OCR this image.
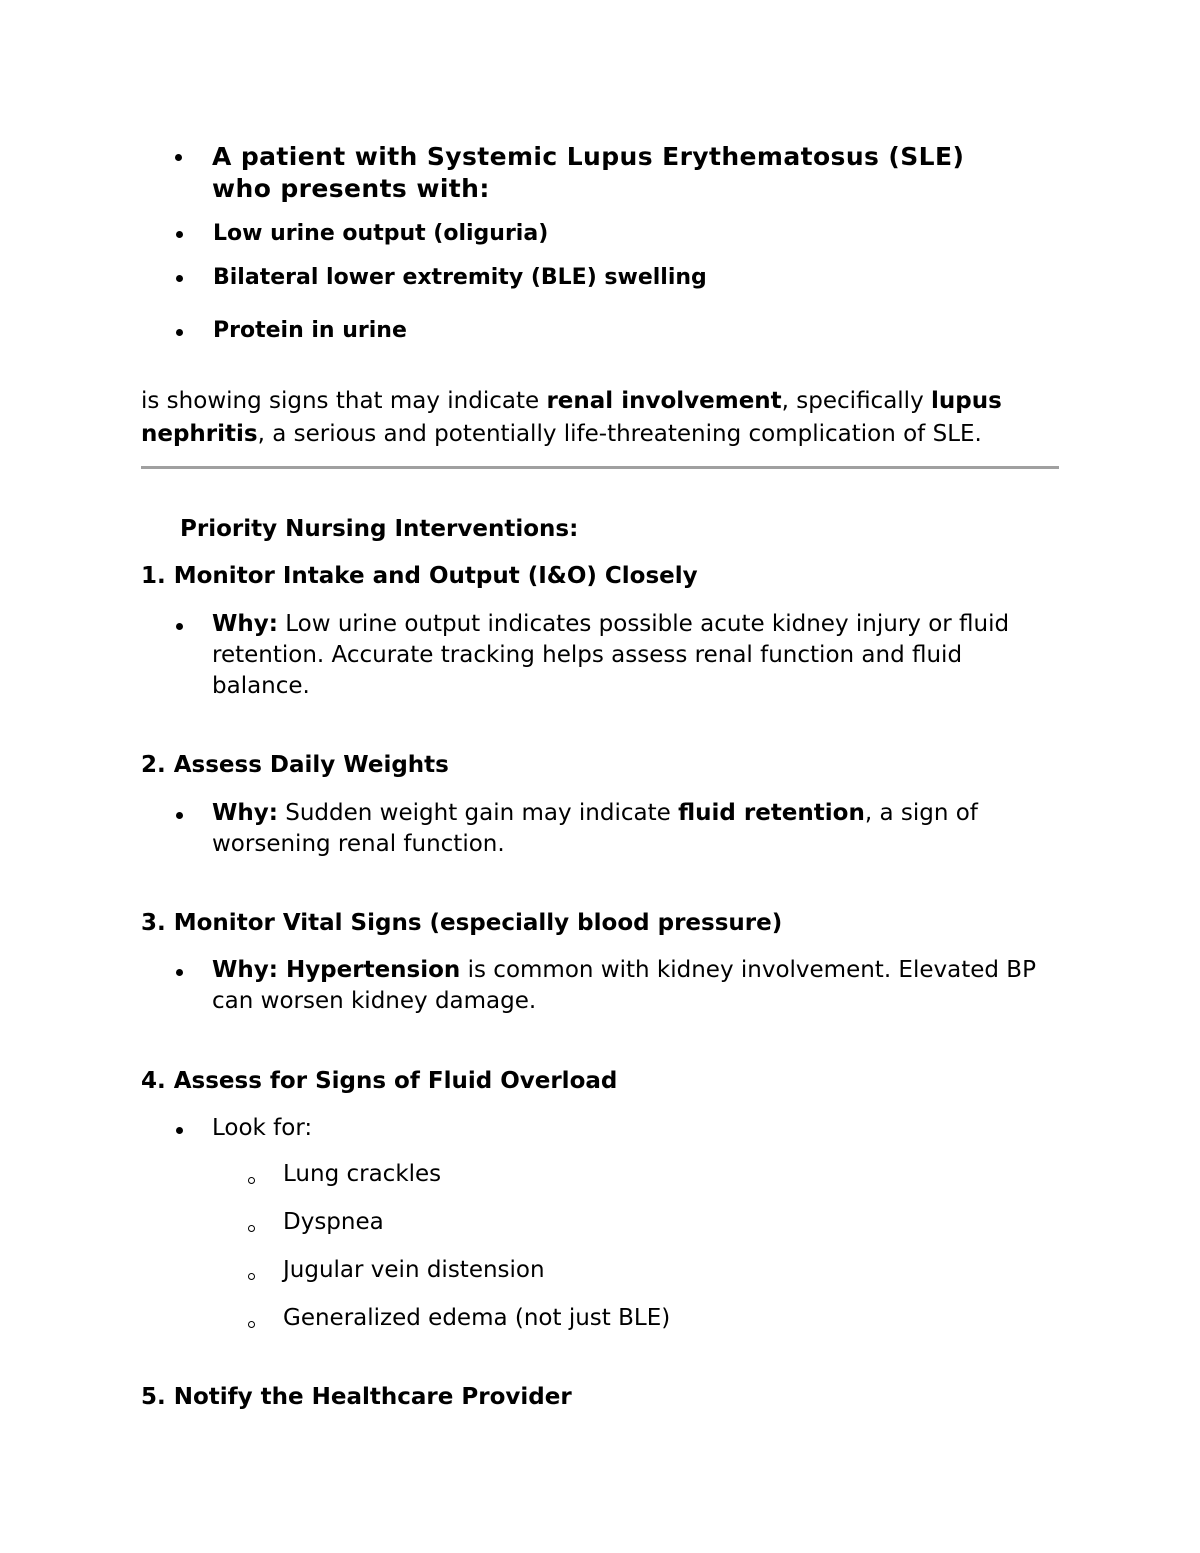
A patient with Systemic Lupus Erythematosus (SLE)
who presents with:
Low urine output (oliguria)
Bilateral lower extremity (BLE) swelling
Protein in urine
is showing signs that may indicate renal involvement, specifically lupus
nephritis, a serious and potentially life-threatening complication of SLE.
Priority Nursing Interventions:
1. Monitor Intake and Output (I&O) Closely
Why: Low urine output indicates possible acute kidney injury or fluid
retention. Accurate tracking helps assess renal function and fluid
balance.
2. Assess Daily Weights
Why: Sudden weight gain may indicate fluid retention, a sign of
worsening renal function.
3. Monitor Vital Signs (especially blood pressure)
Why: Hypertension is common with kidney involvement. Elevated BP
can worsen kidney damage.
4. Assess for Signs of Fluid Overload
Look for:
Lung crackles
Dyspnea
Jugular vein distension
Generalized edema (not just BLE)
5. Notify the Healthcare Provider
